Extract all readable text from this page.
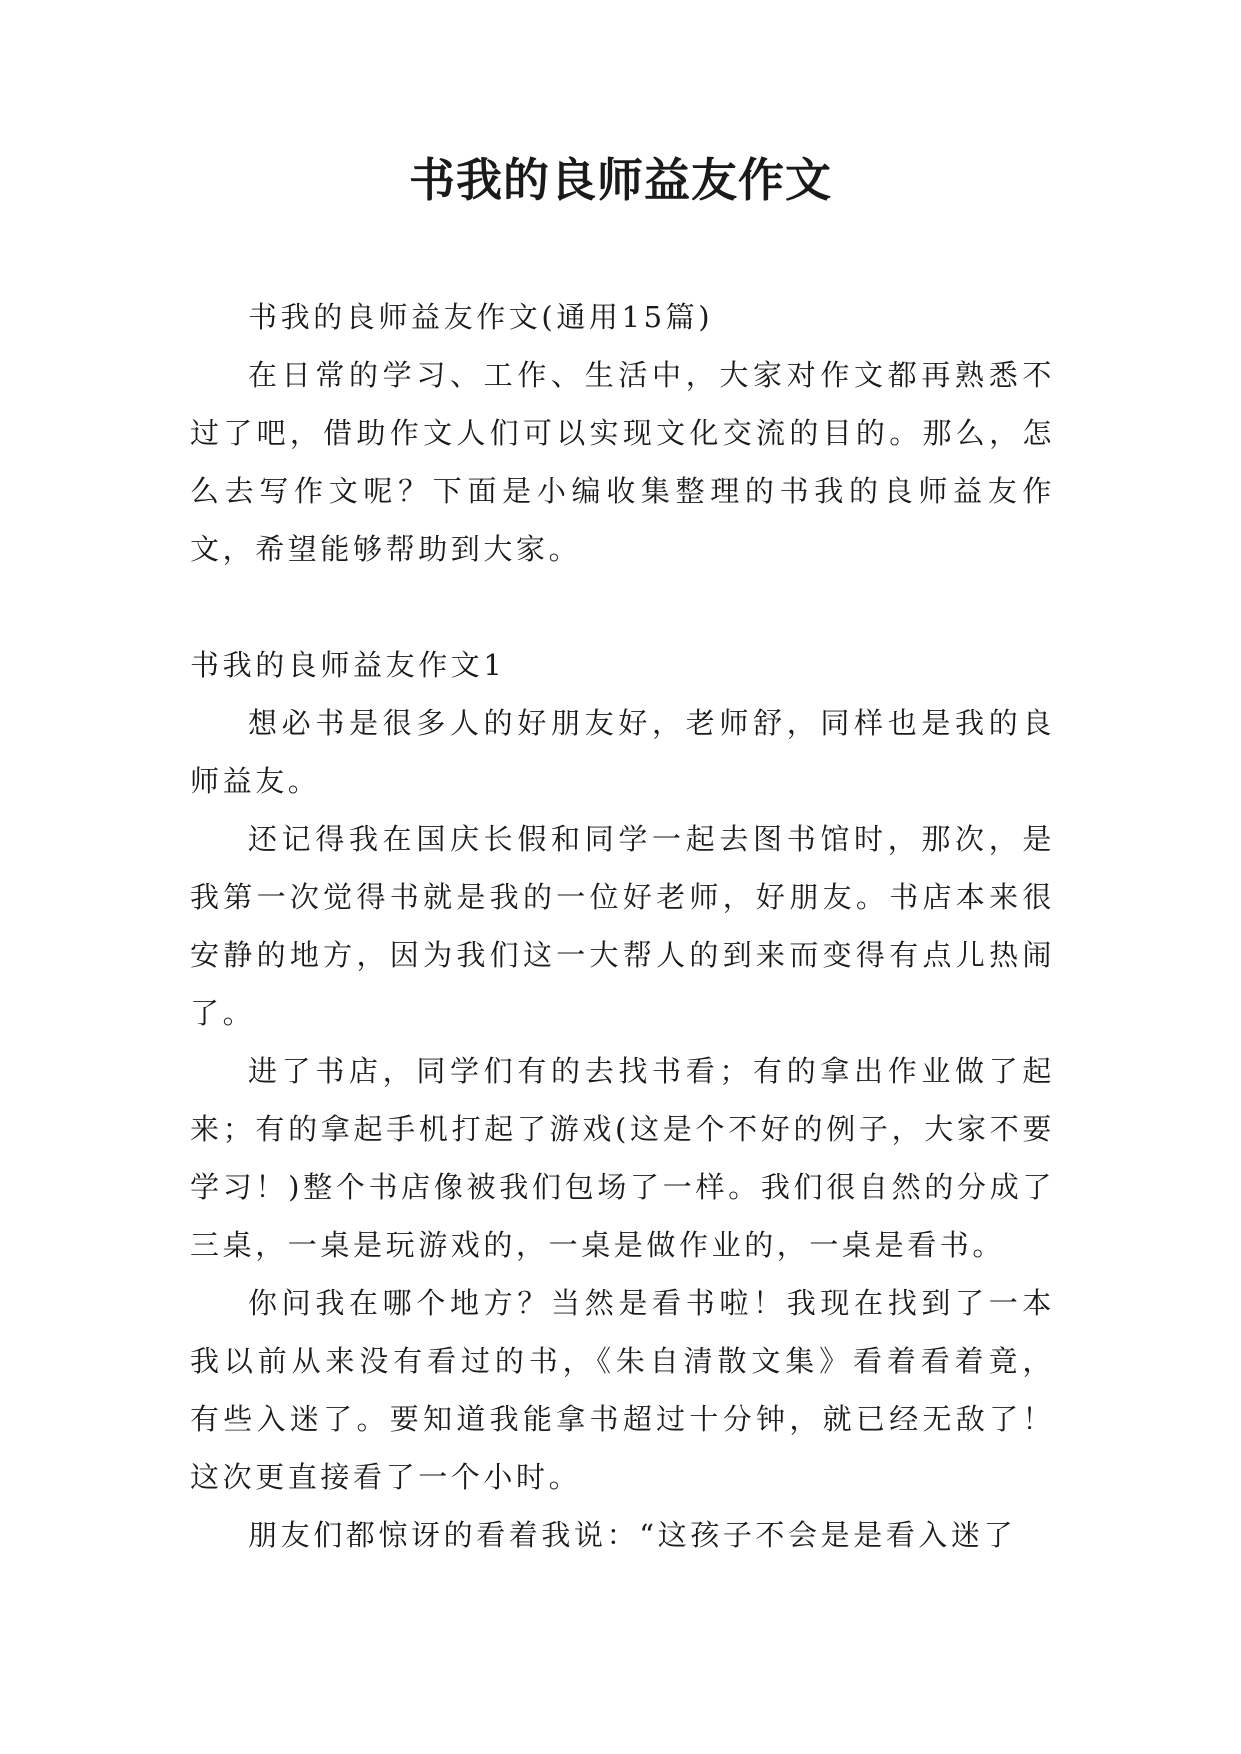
书我的良师益友作文

书我的良师益友作文(通用15篇)

在日常的学习、工作、生活中，大家对作文都再熟悉不过了吧，借助作文人们可以实现文化交流的目的。那么，怎么去写作文呢？下面是小编收集整理的书我的良师益友作文，希望能够帮助到大家。

书我的良师益友作文1

想必书是很多人的好朋友好，老师舒，同样也是我的良师益友。

还记得我在国庆长假和同学一起去图书馆时，那次，是我第一次觉得书就是我的一位好老师，好朋友。书店本来很安静的地方，因为我们这一大帮人的到来而变得有点儿热闹了。

进了书店，同学们有的去找书看；有的拿出作业做了起来；有的拿起手机打起了游戏(这是个不好的例子，大家不要学习！)整个书店像被我们包场了一样。我们很自然的分成了三桌，一桌是玩游戏的，一桌是做作业的，一桌是看书。

你问我在哪个地方？当然是看书啦！我现在找到了一本我以前从来没有看过的书，《朱自清散文集》看着看着竟，有些入迷了。要知道我能拿书超过十分钟，就已经无敌了！这次更直接看了一个小时。

朋友们都惊讶的看着我说：“这孩子不会是是看入迷了
